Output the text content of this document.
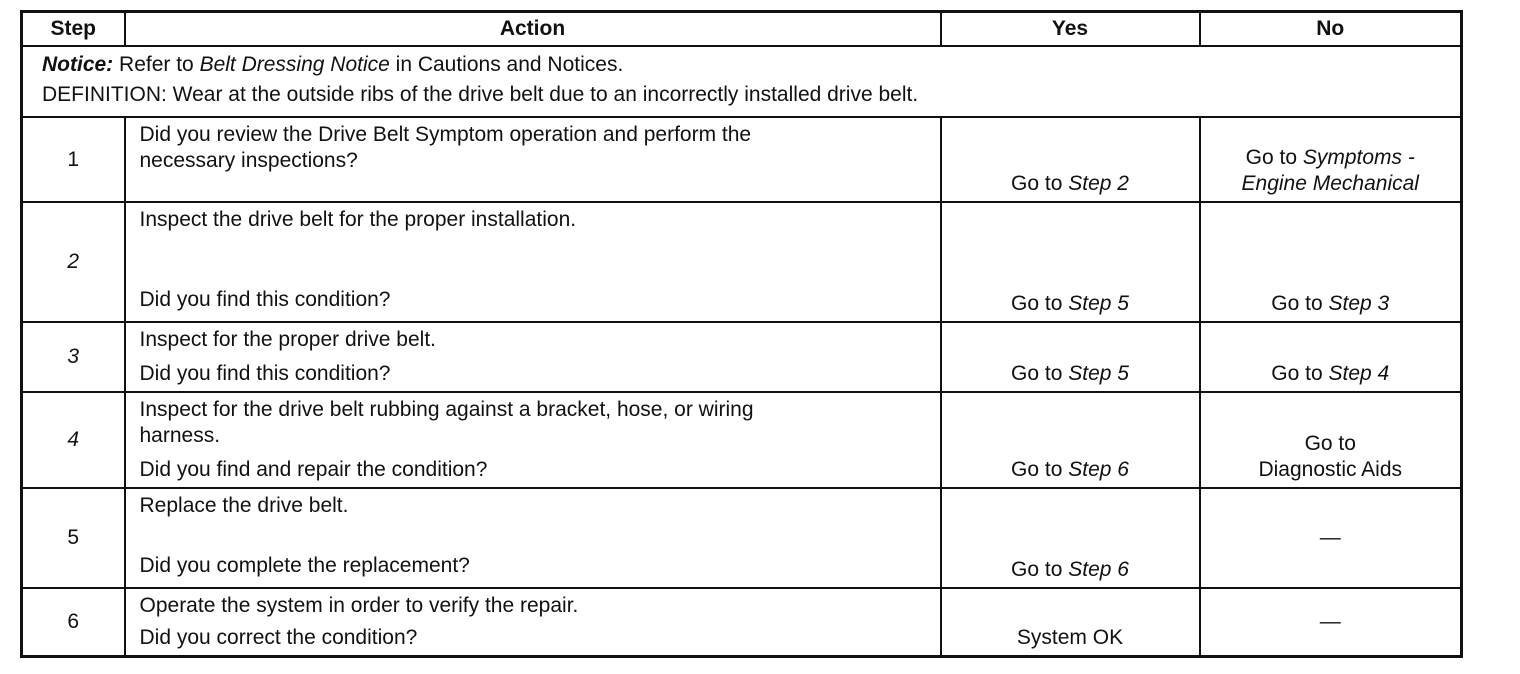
Step	Action	Yes	No

Notice: Refer to Belt Dressing Notice in Cautions and Notices.
DEFINITION: Wear at the outside ribs of the drive belt due to an incorrectly installed drive belt.			

1	Did you review the Drive Belt Symptom operation and perform the
necessary inspections?	Go to Step 2	Go to Symptoms -
Engine Mechanical

2	Inspect the drive belt for the proper installation.
Did you find this condition?	Go to Step 5	Go to Step 3
3	Inspect for the proper drive belt.
Did you find this condition?	Go to Step 5	Go to Step 4
4	Inspect for the drive belt rubbing against a bracket, hose, or wiring
harness.
Did you find and repair the condition?	Go to Step 6	Go to
Diagnostic Aids

5	Replace the drive belt.
Did you complete the replacement?	Go to Step 6	—
6	Operate the system in order to verify the repair.
Did you correct the condition?	System OK	—
